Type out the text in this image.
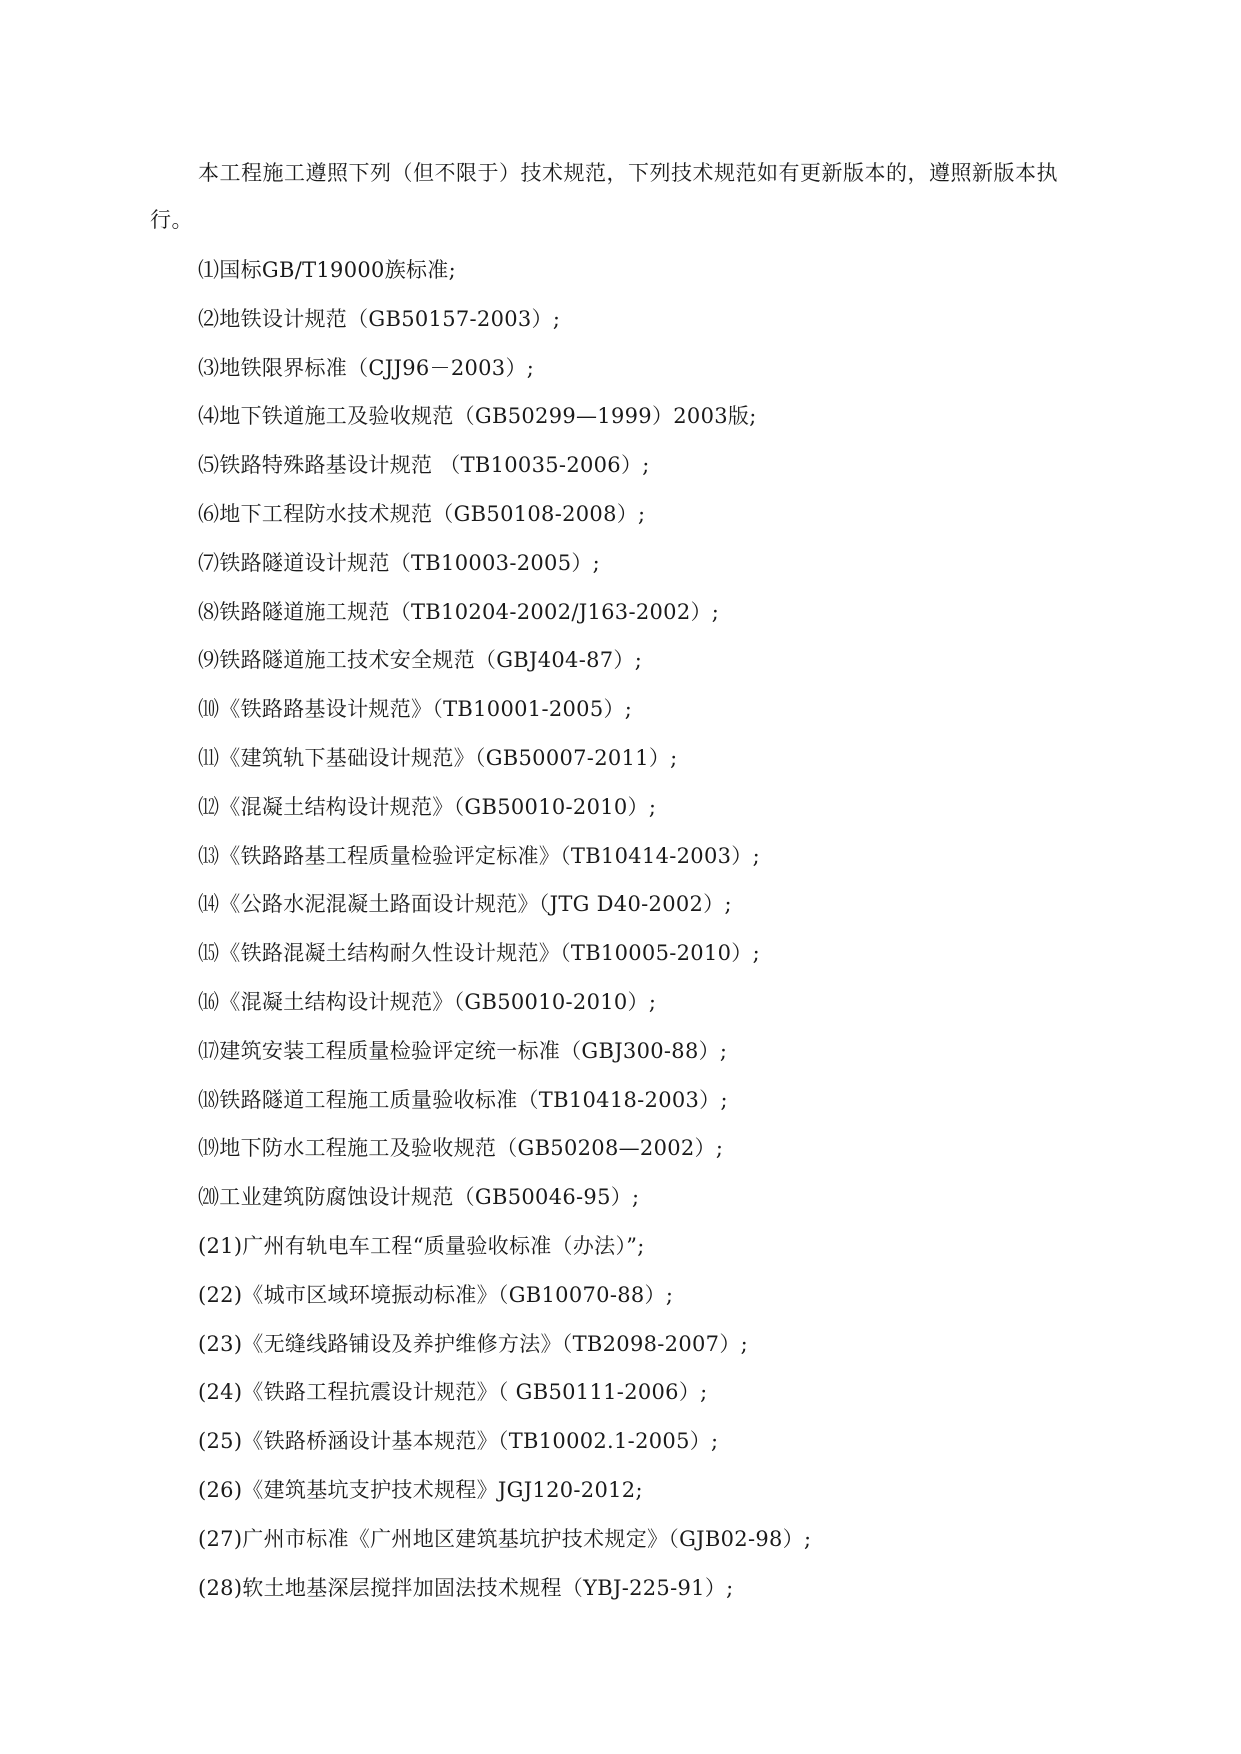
本工程施工遵照下列（但不限于）技术规范，下列技术规范如有更新版本的，遵照新版本执行。

⑴国标GB/T19000族标准;
⑵地铁设计规范（GB50157-2003）;
⑶地铁限界标准（CJJ96－2003）;
⑷地下铁道施工及验收规范（GB50299—1999）2003版;
⑸铁路特殊路基设计规范 （TB10035-2006）;
⑹地下工程防水技术规范（GB50108-2008）;
⑺铁路隧道设计规范（TB10003-2005）;
⑻铁路隧道施工规范（TB10204-2002/J163-2002）;
⑼铁路隧道施工技术安全规范（GBJ404-87）;
⑽《铁路路基设计规范》（TB10001-2005）;
⑾《建筑轨下基础设计规范》（GB50007-2011）;
⑿《混凝土结构设计规范》（GB50010-2010）;
⒀《铁路路基工程质量检验评定标准》（TB10414-2003）;
⒁《公路水泥混凝土路面设计规范》（JTG D40-2002）;
⒂《铁路混凝土结构耐久性设计规范》（TB10005-2010）;
⒃《混凝土结构设计规范》（GB50010-2010）;
⒄建筑安装工程质量检验评定统一标准（GBJ300-88）;
⒅铁路隧道工程施工质量验收标准（TB10418-2003）;
⒆地下防水工程施工及验收规范（GB50208—2002）;
⒇工业建筑防腐蚀设计规范（GB50046-95）;
(21)广州有轨电车工程“质量验收标准（办法）”;
(22)《城市区域环境振动标准》（GB10070-88）;
(23)《无缝线路铺设及养护维修方法》（TB2098-2007）;
(24)《铁路工程抗震设计规范》（ GB50111-2006）;
(25)《铁路桥涵设计基本规范》（TB10002.1-2005）;
(26)《建筑基坑支护技术规程》JGJ120-2012;
(27)广州市标准《广州地区建筑基坑护技术规定》（GJB02-98）;
(28)软土地基深层搅拌加固法技术规程（YBJ-225-91）;
